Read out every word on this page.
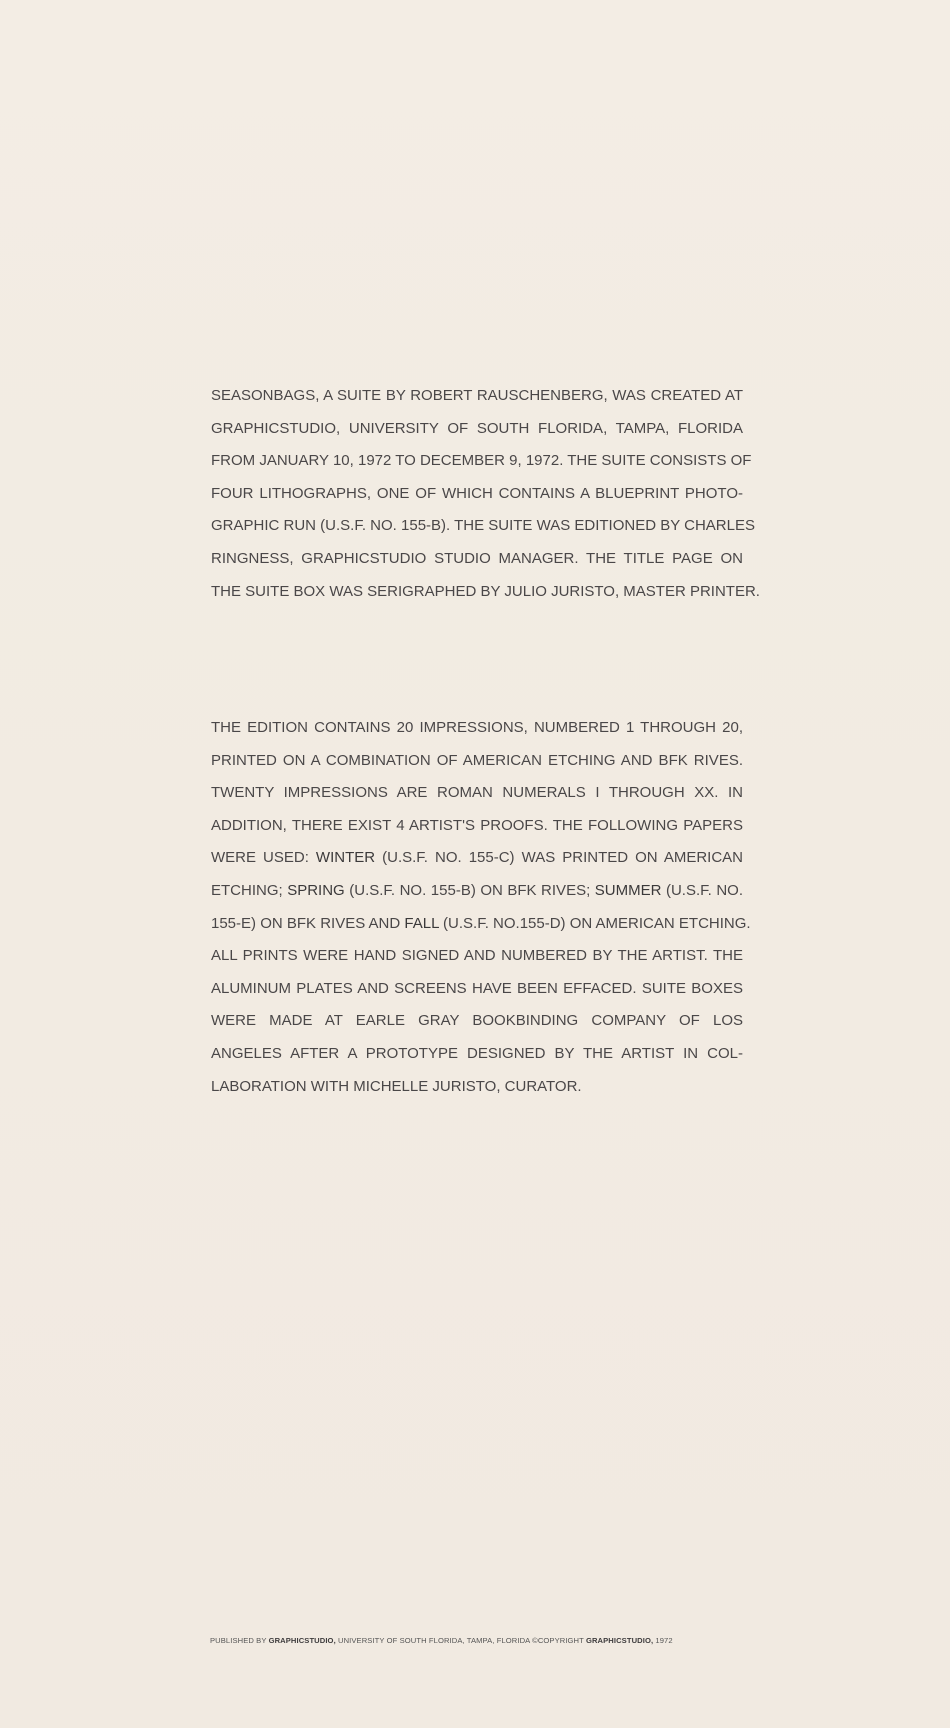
SEASONBAGS, A SUITE BY ROBERT RAUSCHENBERG, WAS CREATED AT
GRAPHICSTUDIO, UNIVERSITY OF SOUTH FLORIDA, TAMPA, FLORIDA
FROM JANUARY 10, 1972 TO DECEMBER 9, 1972. THE SUITE CONSISTS OF
FOUR LITHOGRAPHS, ONE OF WHICH CONTAINS A BLUEPRINT PHOTO-
GRAPHIC RUN (U.S.F. NO. 155-B). THE SUITE WAS EDITIONED BY CHARLES
RINGNESS, GRAPHICSTUDIO STUDIO MANAGER. THE TITLE PAGE ON
THE SUITE BOX WAS SERIGRAPHED BY JULIO JURISTO, MASTER PRINTER.

THE EDITION CONTAINS 20 IMPRESSIONS, NUMBERED 1 THROUGH 20,
PRINTED ON A COMBINATION OF AMERICAN ETCHING AND BFK RIVES.
TWENTY IMPRESSIONS ARE ROMAN NUMERALS I THROUGH XX. IN
ADDITION, THERE EXIST 4 ARTIST'S PROOFS. THE FOLLOWING PAPERS
WERE USED: WINTER (U.S.F. NO. 155-C) WAS PRINTED ON AMERICAN
ETCHING; SPRING (U.S.F. NO. 155-B) ON BFK RIVES; SUMMER (U.S.F. NO.
155-E) ON BFK RIVES AND FALL (U.S.F. NO.155-D) ON AMERICAN ETCHING.
ALL PRINTS WERE HAND SIGNED AND NUMBERED BY THE ARTIST. THE
ALUMINUM PLATES AND SCREENS HAVE BEEN EFFACED. SUITE BOXES
WERE MADE AT EARLE GRAY BOOKBINDING COMPANY OF LOS
ANGELES AFTER A PROTOTYPE DESIGNED BY THE ARTIST IN COL-
LABORATION WITH MICHELLE JURISTO, CURATOR.

PUBLISHED BY GRAPHICSTUDIO, UNIVERSITY OF SOUTH FLORIDA, TAMPA, FLORIDA ©COPYRIGHT GRAPHICSTUDIO, 1972
